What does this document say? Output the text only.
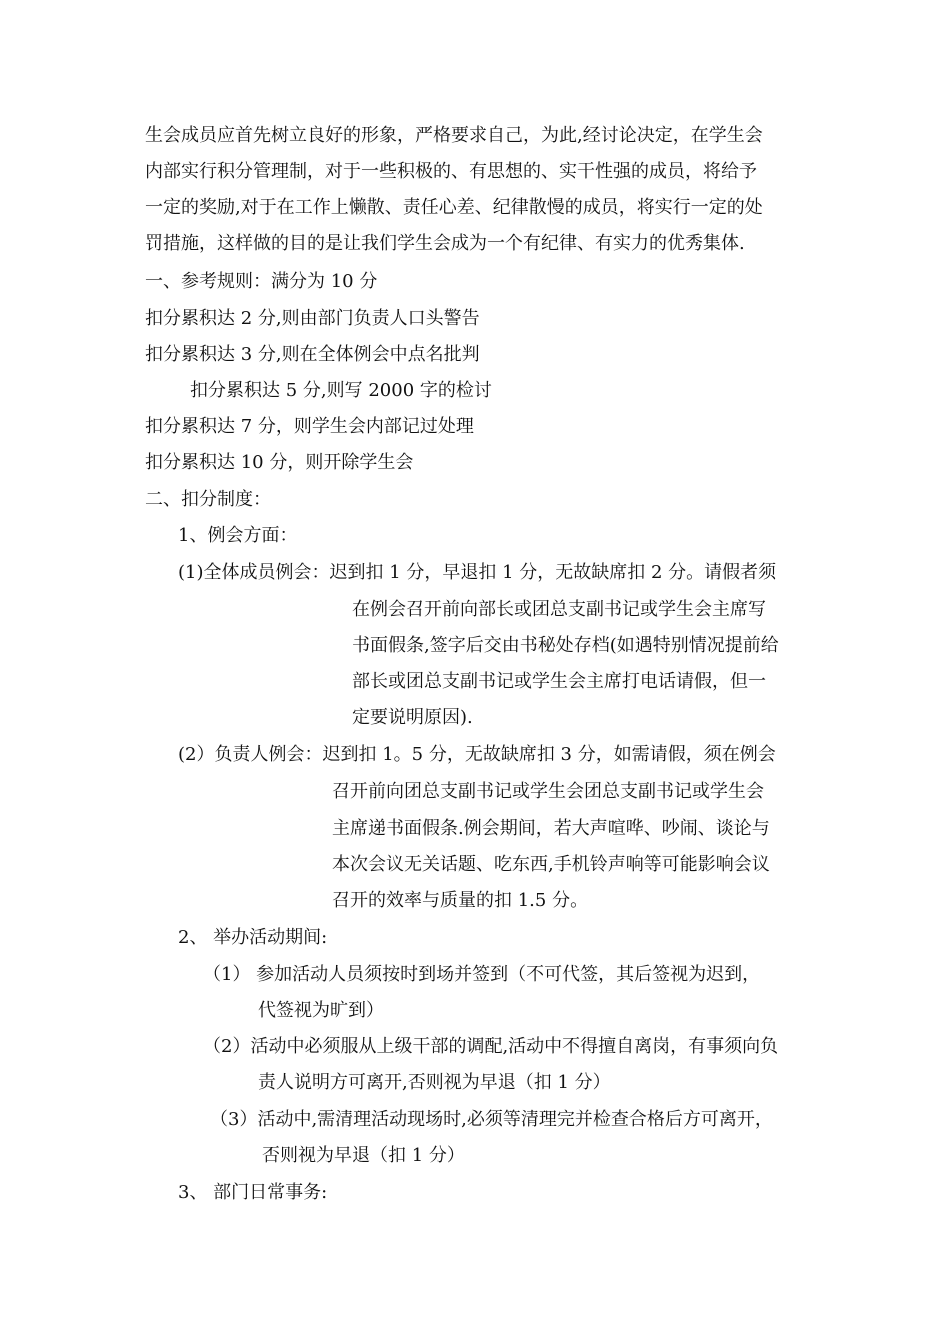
生会成员应首先树立良好的形象，严格要求自己，为此,经讨论决定，在学生会
内部实行积分管理制，对于一些积极的、有思想的、实干性强的成员，将给予
一定的奖励,对于在工作上懒散、责任心差、纪律散慢的成员，将实行一定的处
罚措施，这样做的目的是让我们学生会成为一个有纪律、有实力的优秀集体.
一、参考规则：满分为 10 分
扣分累积达 2 分,则由部门负责人口头警告
扣分累积达 3 分,则在全体例会中点名批判
扣分累积达 5 分,则写 2000 字的检讨
扣分累积达 7 分，则学生会内部记过处理
扣分累积达 10 分，则开除学生会
二、扣分制度：
1、例会方面：
(1)全体成员例会：迟到扣 1 分，早退扣 1 分，无故缺席扣 2 分。请假者须
在例会召开前向部长或团总支副书记或学生会主席写
书面假条,签字后交由书秘处存档(如遇特别情况提前给
部长或团总支副书记或学生会主席打电话请假，但一
定要说明原因).
(2）负责人例会：迟到扣 1。5 分，无故缺席扣 3 分，如需请假，须在例会
召开前向团总支副书记或学生会团总支副书记或学生会
主席递书面假条.例会期间，若大声喧哗、吵闹、谈论与
本次会议无关话题、吃东西,手机铃声响等可能影响会议
召开的效率与质量的扣 1.5 分。
2、 举办活动期间:
（1） 参加活动人员须按时到场并签到（不可代签，其后签视为迟到，
代签视为旷到）
（2）活动中必须服从上级干部的调配,活动中不得擅自离岗，有事须向负
责人说明方可离开,否则视为早退（扣 1 分）
（3）活动中,需清理活动现场时,必须等清理完并检查合格后方可离开，
否则视为早退（扣 1 分）
3、 部门日常事务:
